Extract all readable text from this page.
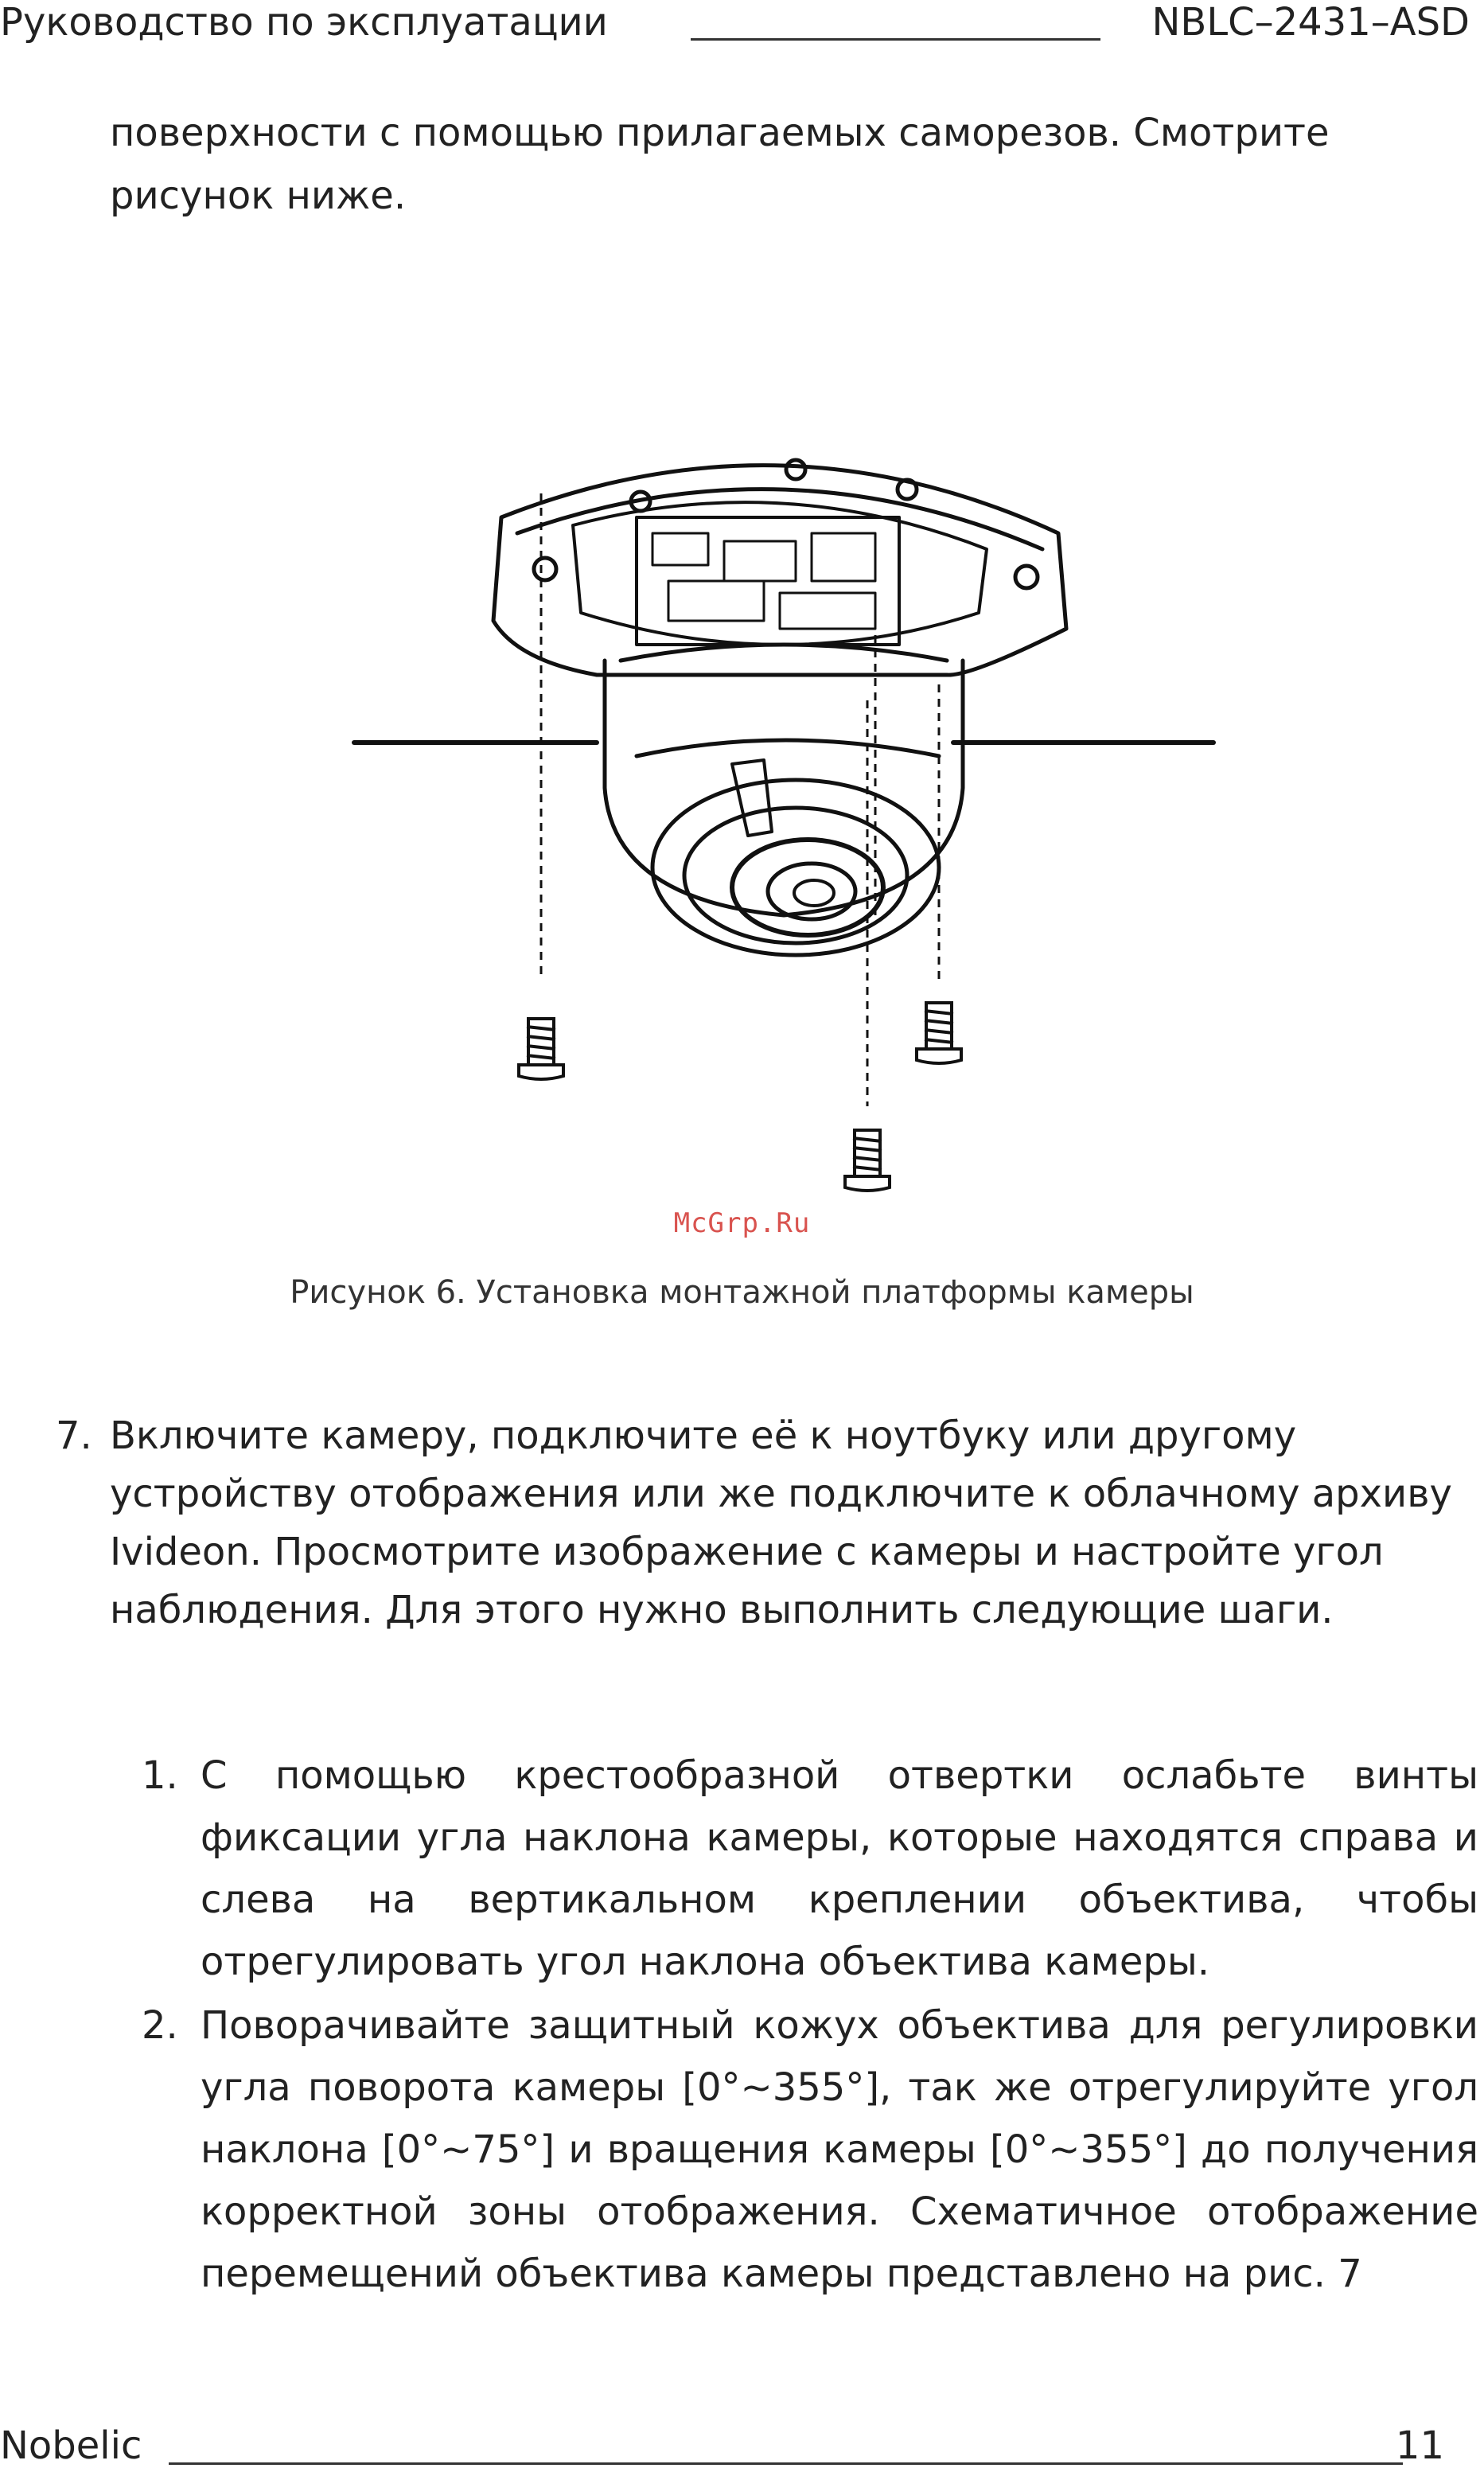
Руководство по эксплуатации	NBLC–2431–ASD
поверхности с помощью прилагаемых саморезов. Смотрите рисунок ниже.
McGrp.Ru
Рисунок 6. Установка монтажной платформы камеры
7. Включите камеру, подключите её к ноутбуку или другому устройству отображения или же подключите к облачному архиву Ivideon. Просмотрите изображение с камеры и настройте угол наблюдения. Для этого нужно выполнить следующие шаги.
1. С помощью крестообразной отвертки ослабьте винты фиксации угла наклона камеры, которые находятся справа и слева на вертикальном креплении объектива, чтобы отрегулировать угол наклона объектива камеры.
2. Поворачивайте защитный кожух объектива для регулировки угла поворота камеры [0°~355°], так же отрегулируйте угол наклона [0°~75°] и вращения камеры [0°~355°] до получения корректной зоны отображения. Схематичное отображение перемещений объектива камеры представлено на рис. 7
Nobelic	11
